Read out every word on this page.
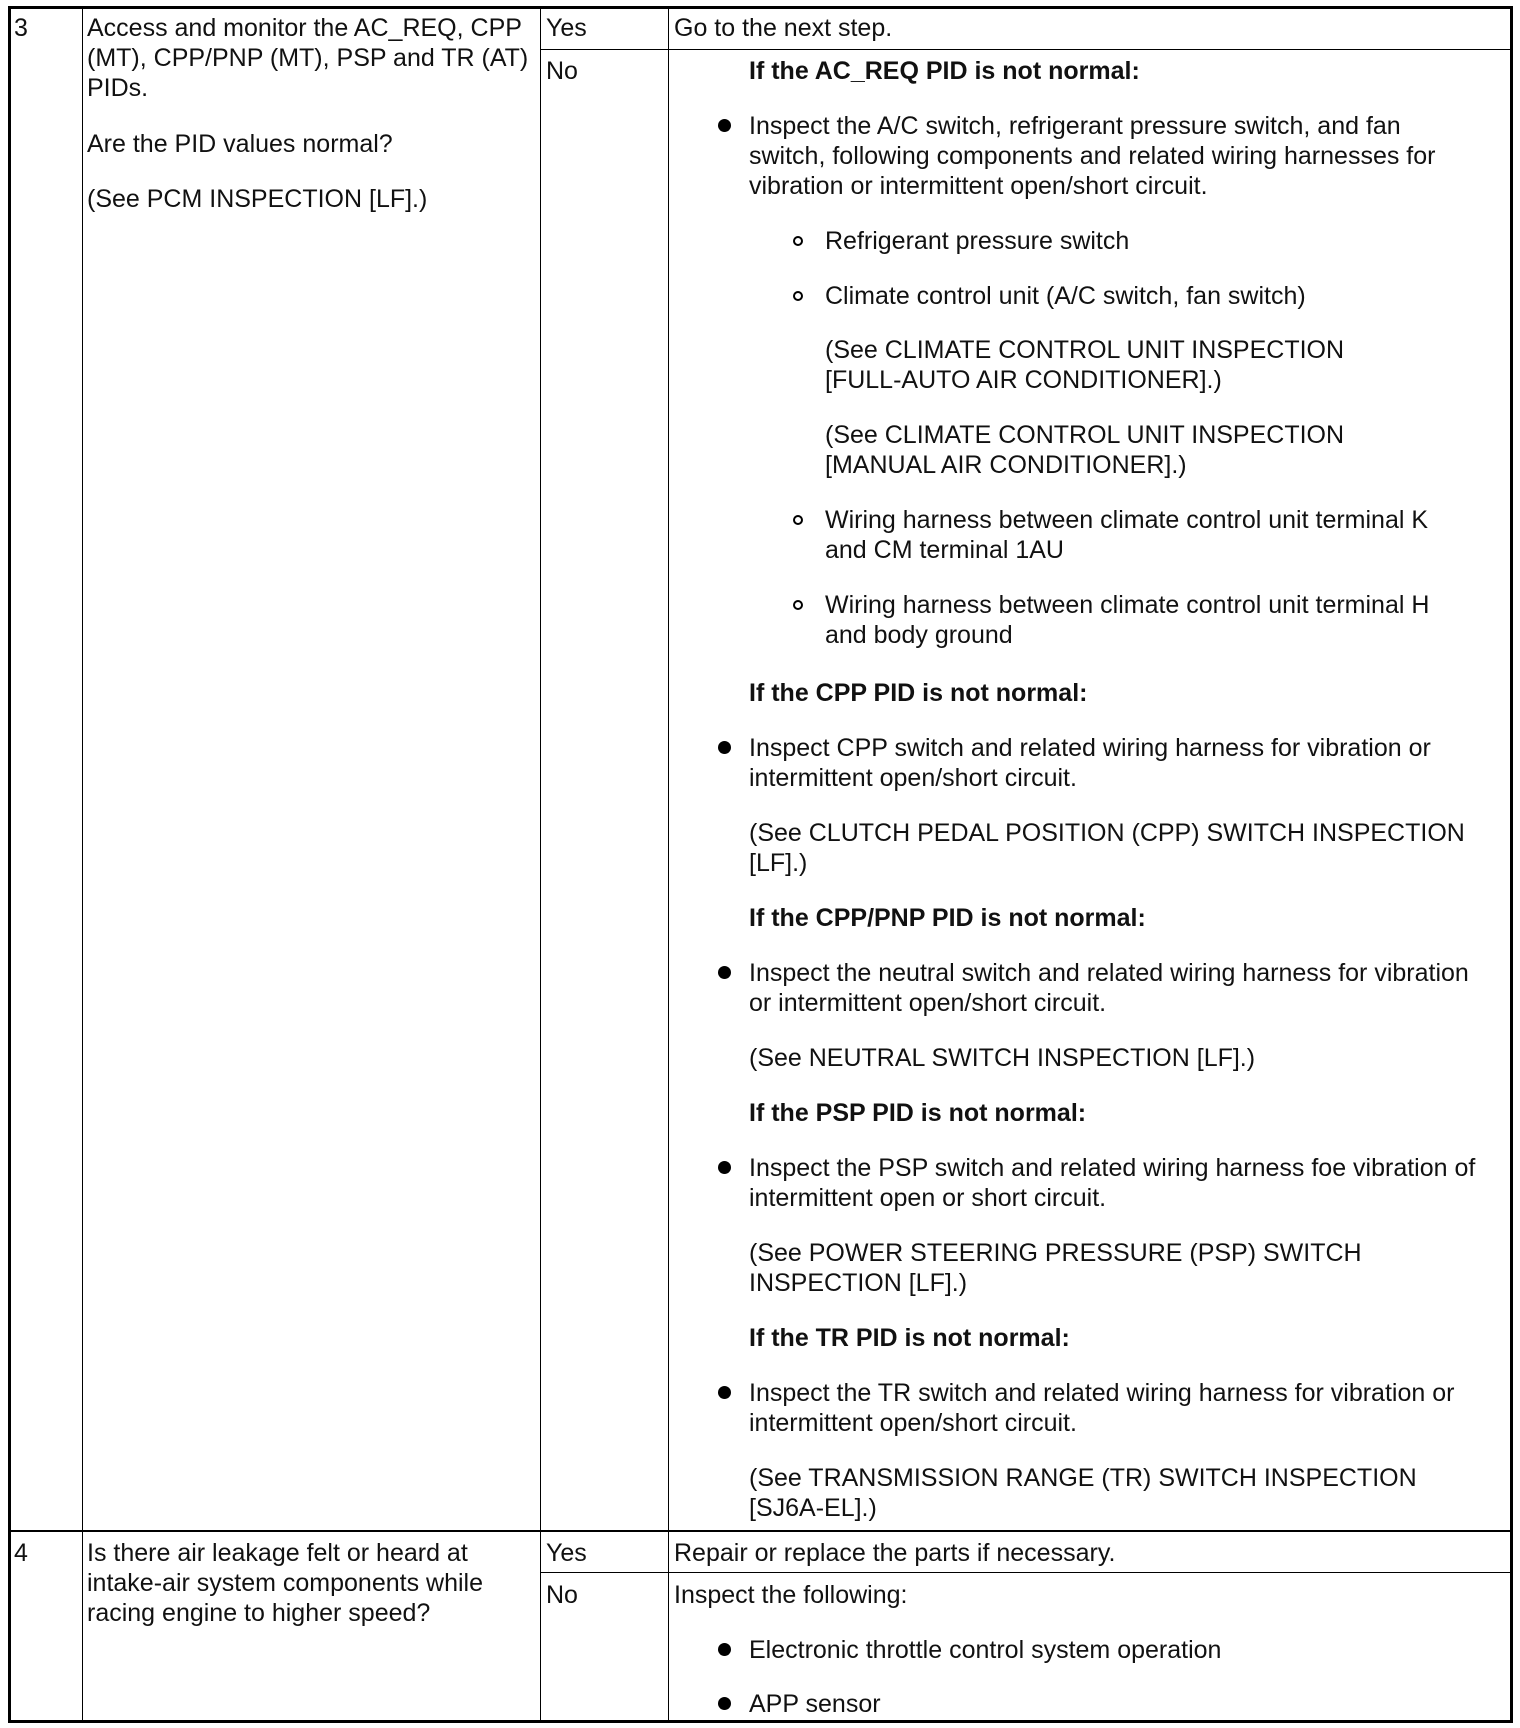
3 Access and monitor the AC_REQ, CPP
(MT), CPP/PNP (MT), PSP and TR (AT)
PIDs.
Are the PID values normal?
(See PCM INSPECTION [LF].)
Yes	Go to the next step.
No	If the AC_REQ PID is not normal:
Inspect the A/C switch, refrigerant pressure switch, and fan
switch, following components and related wiring harnesses for
vibration or intermittent open/short circuit.
Refrigerant pressure switch
Climate control unit (A/C switch, fan switch)
(See CLIMATE CONTROL UNIT INSPECTION
[FULL-AUTO AIR CONDITIONER].)
(See CLIMATE CONTROL UNIT INSPECTION
[MANUAL AIR CONDITIONER].)
Wiring harness between climate control unit terminal K
and CM terminal 1AU
Wiring harness between climate control unit terminal H
and body ground
If the CPP PID is not normal:
Inspect CPP switch and related wiring harness for vibration or
intermittent open/short circuit.
(See CLUTCH PEDAL POSITION (CPP) SWITCH INSPECTION
[LF].)
If the CPP/PNP PID is not normal:
Inspect the neutral switch and related wiring harness for vibration
or intermittent open/short circuit.
(See NEUTRAL SWITCH INSPECTION [LF].)
If the PSP PID is not normal:
Inspect the PSP switch and related wiring harness foe vibration of
intermittent open or short circuit.
(See POWER STEERING PRESSURE (PSP) SWITCH
INSPECTION [LF].)
If the TR PID is not normal:
Inspect the TR switch and related wiring harness for vibration or
intermittent open/short circuit.
(See TRANSMISSION RANGE (TR) SWITCH INSPECTION
[SJ6A-EL].)
4 Is there air leakage felt or heard at
intake-air system components while
racing engine to higher speed?
Yes	Repair or replace the parts if necessary.
No	Inspect the following:
Electronic throttle control system operation
APP sensor
